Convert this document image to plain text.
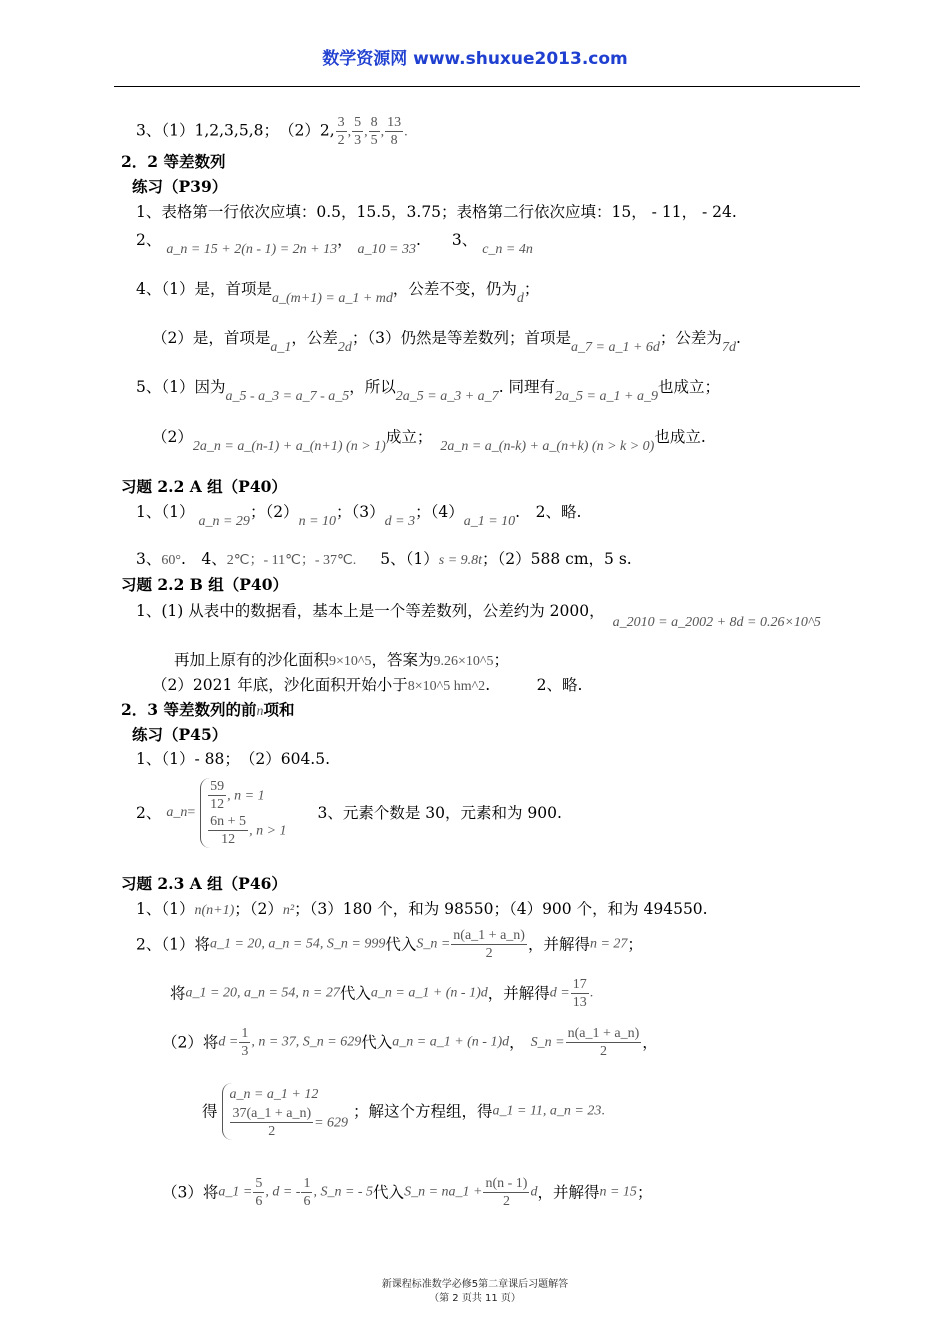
数学资源网 www.shuxue2013.com
3、（1）1,2,3,5,8；　（2）2, $\frac{3}{2}$ , $\frac{5}{3}$ , $\frac{8}{5}$ , $\frac{13}{8}$ .
2．2 等差数列
练习（P39）
1、表格第一行依次应填：0.5，15.5，3.75；表格第二行依次应填：15， - 11， - 24.
2、 a_n = 15 + 2(n - 1) = 2n + 13， a_10 = 33. 3、 c_n = 4n
4、（1）是，首项是a_(m+1) = a_1 + md，公差不变，仍为d；
（2）是，首项是a_1，公差2d；（3）仍然是等差数列；首项是a_7 = a_1 + 6d；公差为7d.
5、（1）因为a_5 - a_3 = a_7 - a_5，所以2a_5 = a_3 + a_7. 同理有2a_5 = a_1 + a_9也成立；
（2）2a_n = a_(n-1) + a_(n+1) (n > 1)成立；2a_n = a_(n-k) + a_(n+k) (n > k > 0)也成立.
习题 2.2 A 组（P40）
1、（1）a_n = 29；（2）n = 10；（3）d = 3；（4）a_1 = 10.　2、略.
3、60°.　4、2℃；- 11℃；- 37℃. 5、（1）s = 9.8t；（2）588 cm，5 s.
习题 2.2 B 组（P40）
1、(1) 从表中的数据看，基本上是一个等差数列，公差约为 2000，a_2010 = a_2002 + 8d = 0.26×10^5
再加上原有的沙化面积9×10^5，答案为9.26×10^5；
（2）2021 年底，沙化面积开始小于8×10^5 hm^2.　　　2、略.
2．3 等差数列的前n项和
练习（P45）
1、（1）- 88；　（2）604.5.
2、 a_n= $\frac{59}{12}$ , n = 1
$\frac{6n + 5}{12}$ , n > 1
3、元素个数是 30，元素和为 900.
习题 2.3 A 组（P46）
1、（1）n(n+1)；（2）n²；（3）180 个，和为 98550；（4）900 个，和为 494550.
2、（1）将a_1 = 20, a_n = 54, S_n = 999代入S_n = $\frac{n(a\_1 + a\_n)}{2}$ ，并解得n = 27；
将a_1 = 20, a_n = 54, n = 27代入a_n = a_1 + (n - 1)d，并解得$d = \frac{17}{13}$ .
（2）将$d = \frac{1}{3}$ , n = 37, S_n = 629代入a_n = a_1 + (n - 1)d， S_n = $\frac{n(a\_1 + a\_n)}{2}$ ，
得
a_n = a_1 + 12
$\frac{37(a\_1 + a\_n)}{2} = 629$
；解这个方程组，得a_1 = 11, a_n = 23.
（3）将a_1 = $\frac{5}{6}$ , d = - $\frac{1}{6}$ , S_n = - 5代入S_n = na_1 + $\frac{n(n - 1)}{2}$ d，并解得n = 15；
新课程标准数学必修5第二章课后习题解答
（第 2 页共 11 页）
